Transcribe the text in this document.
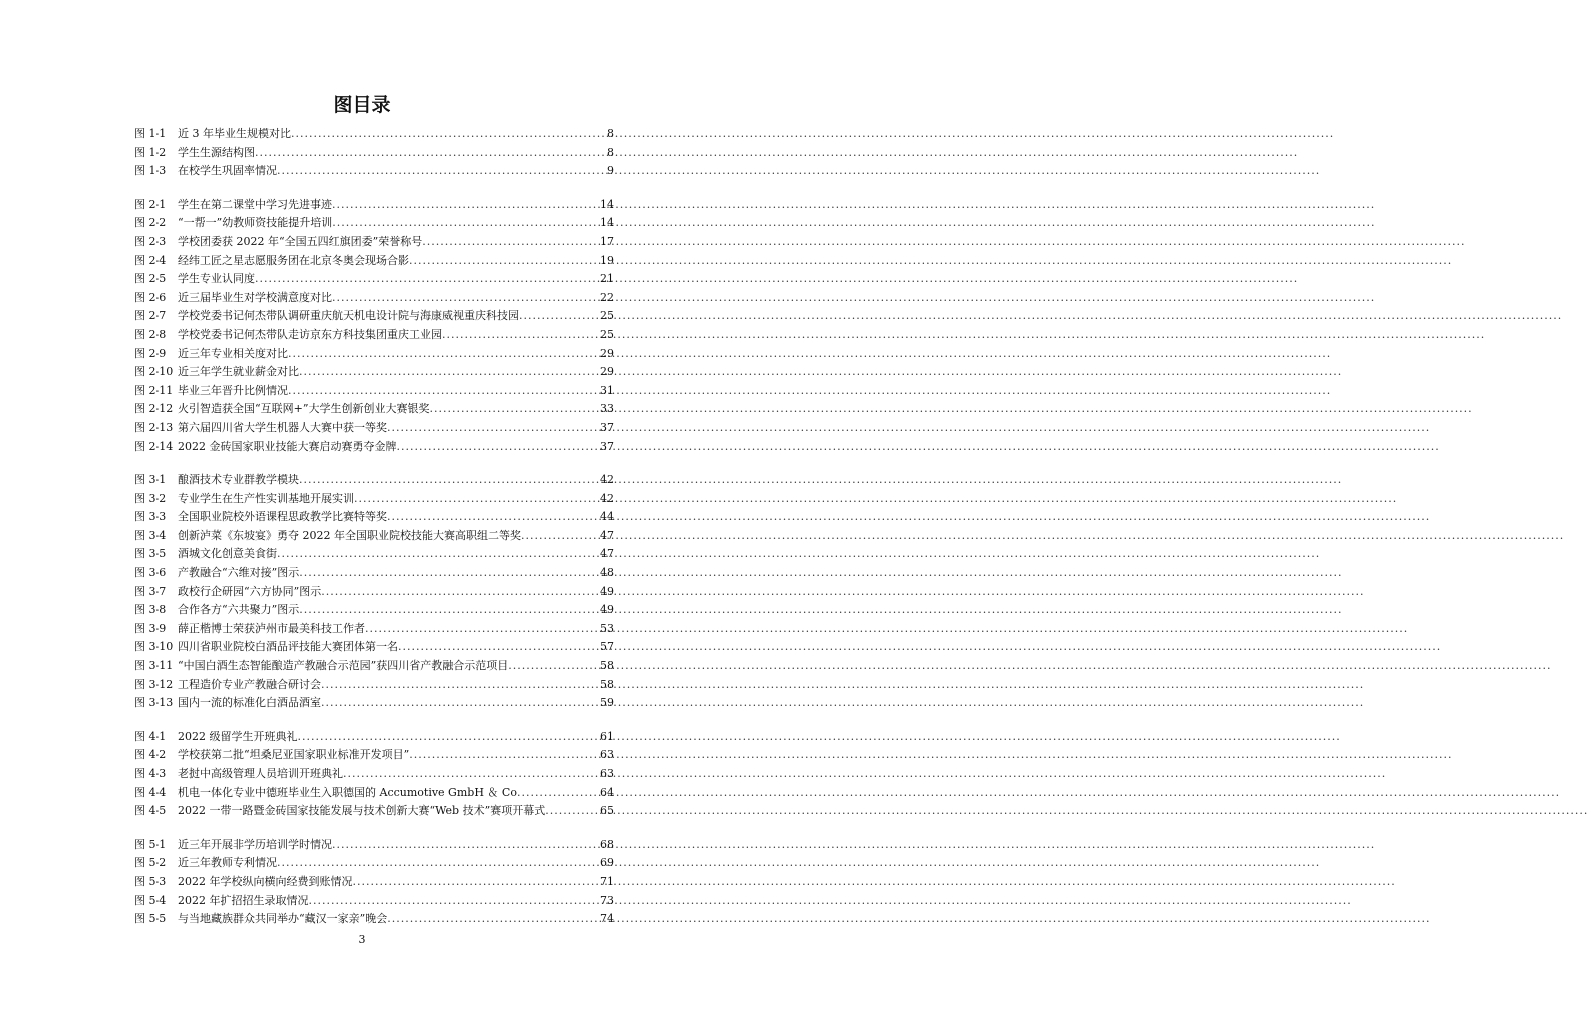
图目录
图 1-1	近 3 年毕业生规模对比 .....	8
图 1-2	学生生源结构图 .....	8
图 1-3	在校学生巩固率情况 .....	9
图 2-1	学生在第二课堂中学习先进事迹 .....	14
图 2-2	“一帮一”幼教师资技能提升培训 .....	14
图 2-3	学校团委获 2022 年“全国五四红旗团委”荣誉称号 .....	17
图 2-4	经纬工匠之星志愿服务团在北京冬奥会现场合影 .....	19
图 2-5	学生专业认同度 .....	21
图 2-6	近三届毕业生对学校满意度对比 .....	22
图 2-7	学校党委书记何杰带队调研重庆航天机电设计院与海康威视重庆科技园 .....	25
图 2-8	学校党委书记何杰带队走访京东方科技集团重庆工业园 .....	25
图 2-9	近三年专业相关度对比 .....	29
图 2-10 近三年学生就业薪金对比 .....	29
图 2-11 毕业三年晋升比例情况 .....	31
图 2-12 火引智造获全国“互联网+”大学生创新创业大赛银奖 .....	33
图 2-13 第六届四川省大学生机器人大赛中获一等奖 .....	37
图 2-14 2022 金砖国家职业技能大赛启动赛勇夺金牌 .....	37
图 3-1	酿酒技术专业群教学模块 .....	42
图 3-2	专业学生在生产性实训基地开展实训 .....	42
图 3-3	全国职业院校外语课程思政教学比赛特等奖 .....	44
图 3-4	创新泸菜《东坡宴》勇夺 2022 年全国职业院校技能大赛高职组二等奖 .....	47
图 3-5	酒城文化创意美食街 .....	47
图 3-6	产教融合“六维对接”图示 .....	48
图 3-7	政校行企研园“六方协同”图示 .....	49
图 3-8	合作各方“六共聚力”图示 .....	49
图 3-9	薛正楷博士荣获泸州市最美科技工作者 .....	53
图 3-10 四川省职业院校白酒品评技能大赛团体第一名 .....	57
图 3-11 “中国白酒生态智能酿造产教融合示范园”获四川省产教融合示范项目 .....	58
图 3-12 工程造价专业产教融合研讨会 .....	58
图 3-13 国内一流的标准化白酒品酒室 .....	59
图 4-1	2022 级留学生开班典礼 .....	61
图 4-2	学校获第二批“坦桑尼亚国家职业标准开发项目” .....	63
图 4-3	老挝中高级管理人员培训开班典礼 .....	63
图 4-4	机电一体化专业中德班毕业生入职德国的 Accumotive GmbH ＆ Co .....	64
图 4-5	2022 一带一路暨金砖国家技能发展与技术创新大赛“Web 技术”赛项开幕式 .....	65
图 5-1	近三年开展非学历培训学时情况 .....	68
图 5-2	近三年教师专利情况 .....	69
图 5-3	2022 年学校纵向横向经费到账情况 .....	71
图 5-4	2022 年扩招招生录取情况 .....	73
图 5-5	与当地藏族群众共同举办“藏汉一家亲”晚会 .....	74
3
